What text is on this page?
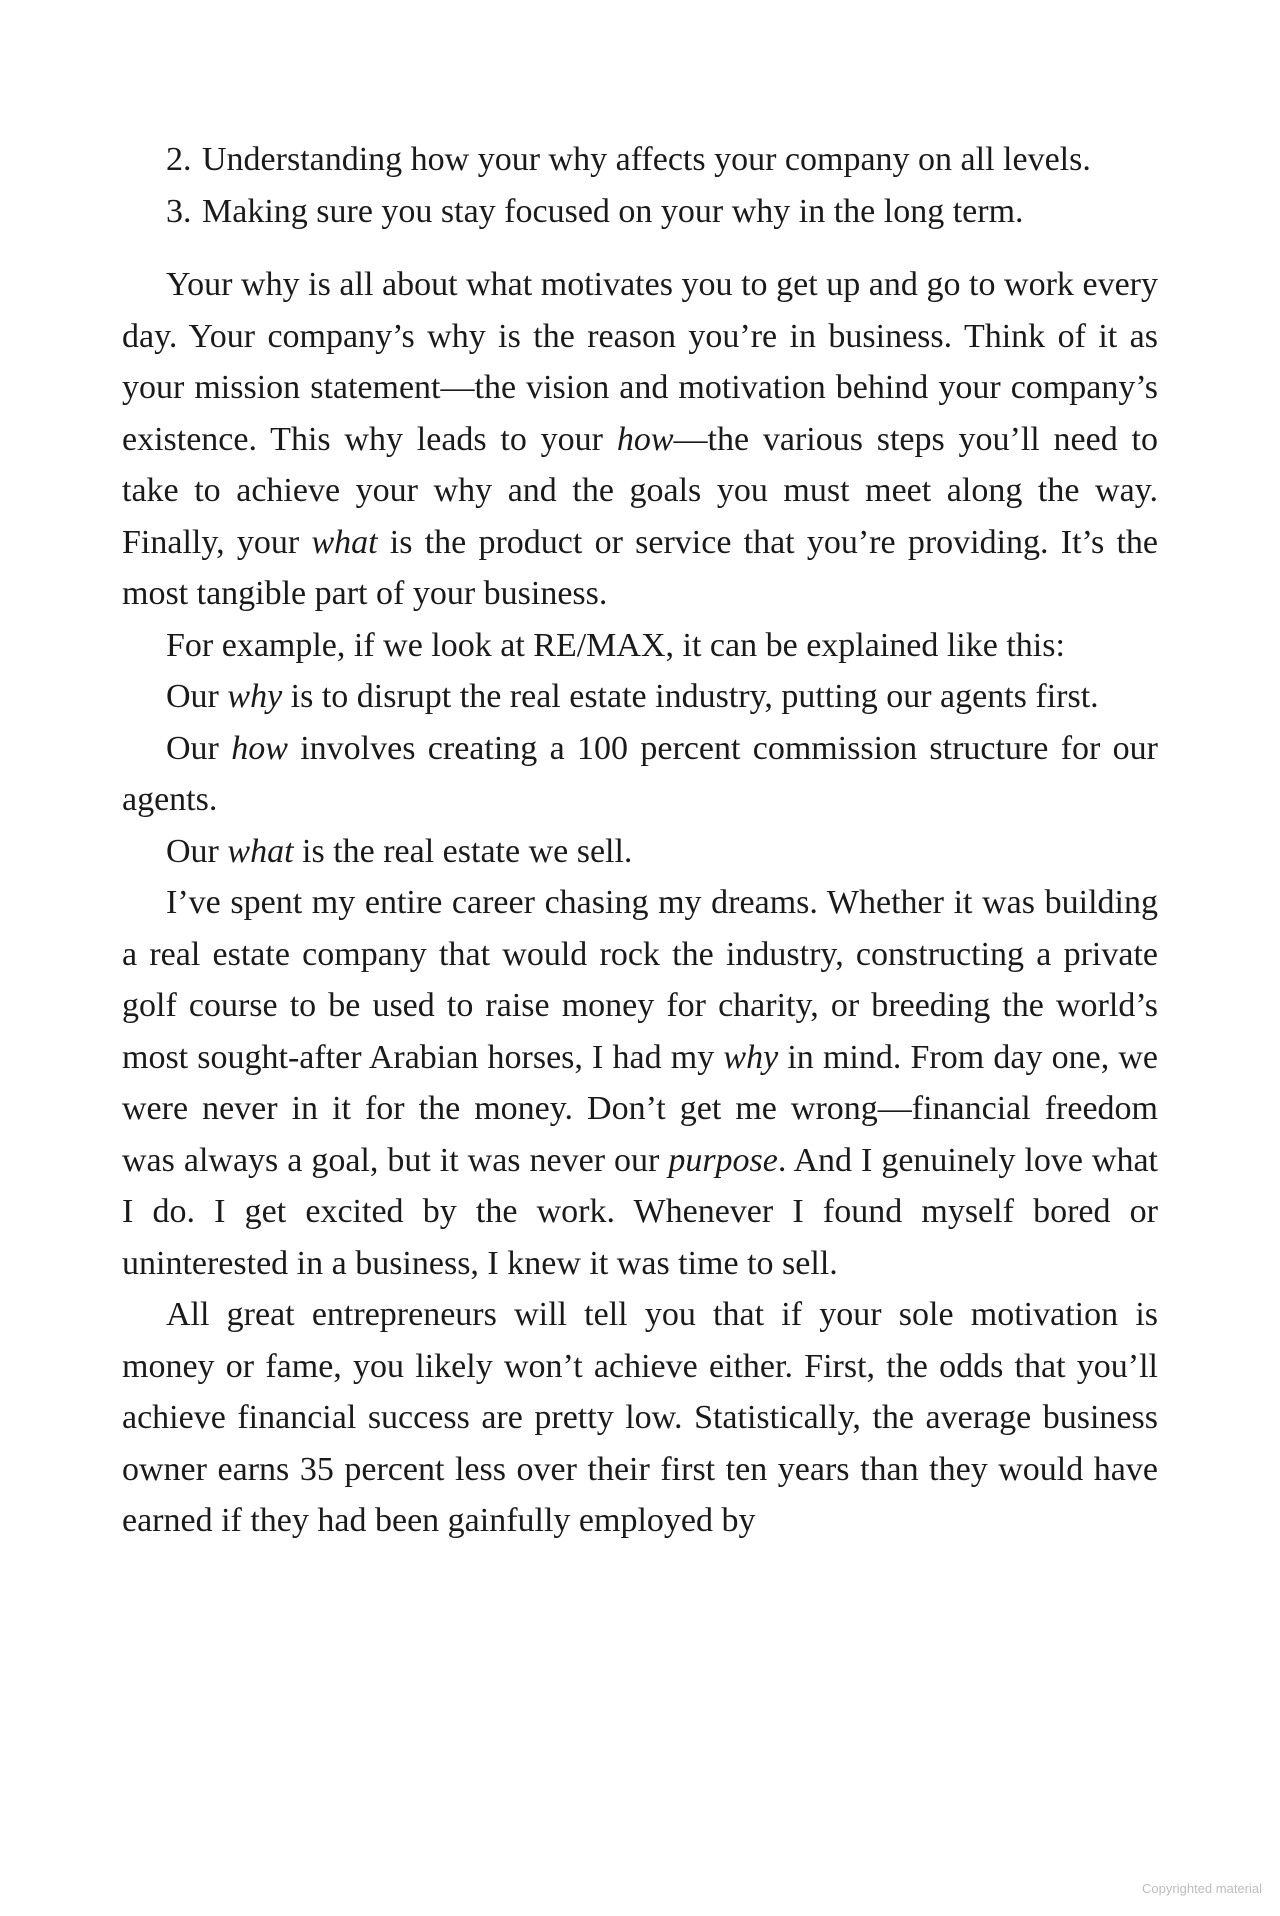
2. Understanding how your why affects your company on all levels.
3. Making sure you stay focused on your why in the long term.

Your why is all about what motivates you to get up and go to work every day. Your company’s why is the reason you’re in business. Think of it as your mission statement—the vision and motivation behind your company’s existence. This why leads to your how—the various steps you’ll need to take to achieve your why and the goals you must meet along the way. Finally, your what is the product or service that you’re providing. It’s the most tangible part of your business.

For example, if we look at RE/MAX, it can be explained like this:

Our why is to disrupt the real estate industry, putting our agents first.

Our how involves creating a 100 percent commission structure for our agents.

Our what is the real estate we sell.

I’ve spent my entire career chasing my dreams. Whether it was building a real estate company that would rock the industry, constructing a private golf course to be used to raise money for charity, or breeding the world’s most sought-after Arabian horses, I had my why in mind. From day one, we were never in it for the money. Don’t get me wrong—financial freedom was always a goal, but it was never our purpose. And I genuinely love what I do. I get excited by the work. Whenever I found myself bored or uninterested in a business, I knew it was time to sell.

All great entrepreneurs will tell you that if your sole motivation is money or fame, you likely won’t achieve either. First, the odds that you’ll achieve financial success are pretty low. Statistically, the average business owner earns 35 percent less over their first ten years than they would have earned if they had been gainfully employed by

Copyrighted material
